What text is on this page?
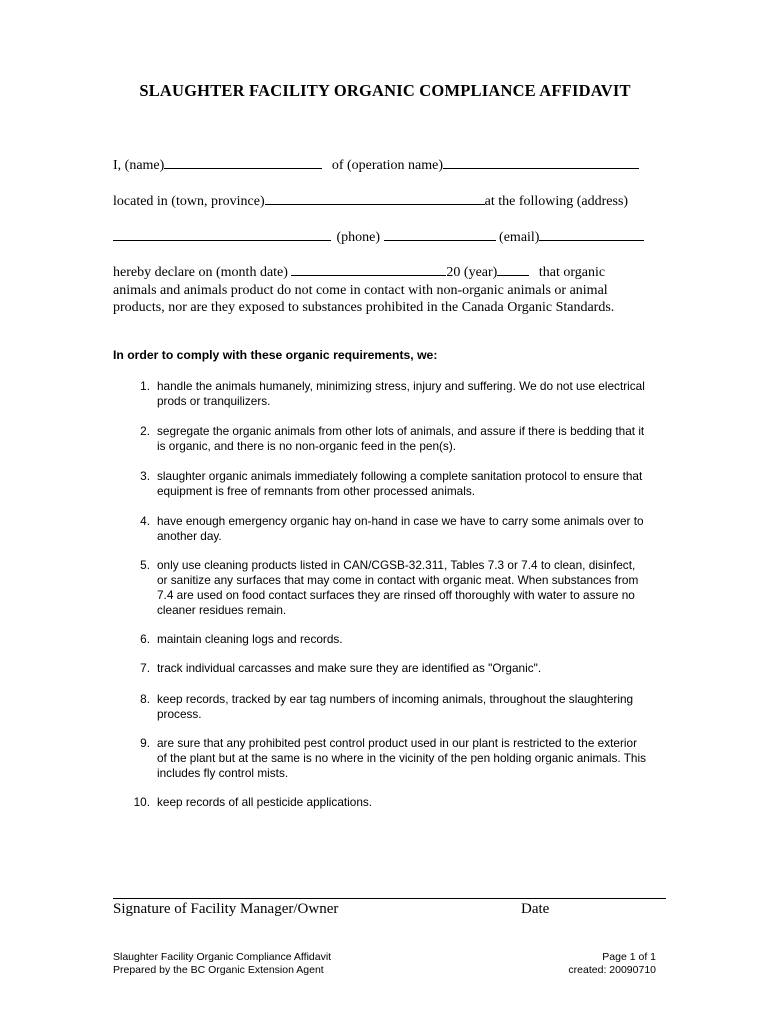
SLAUGHTER FACILITY ORGANIC COMPLIANCE AFFIDAVIT
I, (name)	of (operation name)
located in (town, province)	at the following (address)
(phone)	(email)
hereby declare on (month date)	20 (year)	that organic
animals and animals product do not come in contact with non-organic animals or animal
products, nor are they exposed to substances prohibited in the Canada Organic Standards.
In order to comply with these organic requirements, we:
1. handle the animals humanely, minimizing stress, injury and suffering. We do not use electrical prods or tranquilizers.
2. segregate the organic animals from other lots of animals, and assure if there is bedding that it is organic, and there is no non-organic feed in the pen(s).
3. slaughter organic animals immediately following a complete sanitation protocol to ensure that equipment is free of remnants from other processed animals.
4. have enough emergency organic hay on-hand in case we have to carry some animals over to another day.
5. only use cleaning products listed in CAN/CGSB-32.311, Tables 7.3 or 7.4 to clean, disinfect, or sanitize any surfaces that may come in contact with organic meat. When substances from 7.4 are used on food contact surfaces they are rinsed off thoroughly with water to assure no cleaner residues remain.
6. maintain cleaning logs and records.
7. track individual carcasses and make sure they are identified as "Organic".
8. keep records, tracked by ear tag numbers of incoming animals, throughout the slaughtering process.
9. are sure that any prohibited pest control product used in our plant is restricted to the exterior of the plant but at the same is no where in the vicinity of the pen holding organic animals. This includes fly control mists.
10. keep records of all pesticide applications.
Signature of Facility Manager/Owner	Date
Slaughter Facility Organic Compliance Affidavit
Prepared by the BC Organic Extension Agent
Page 1 of 1
created: 20090710
